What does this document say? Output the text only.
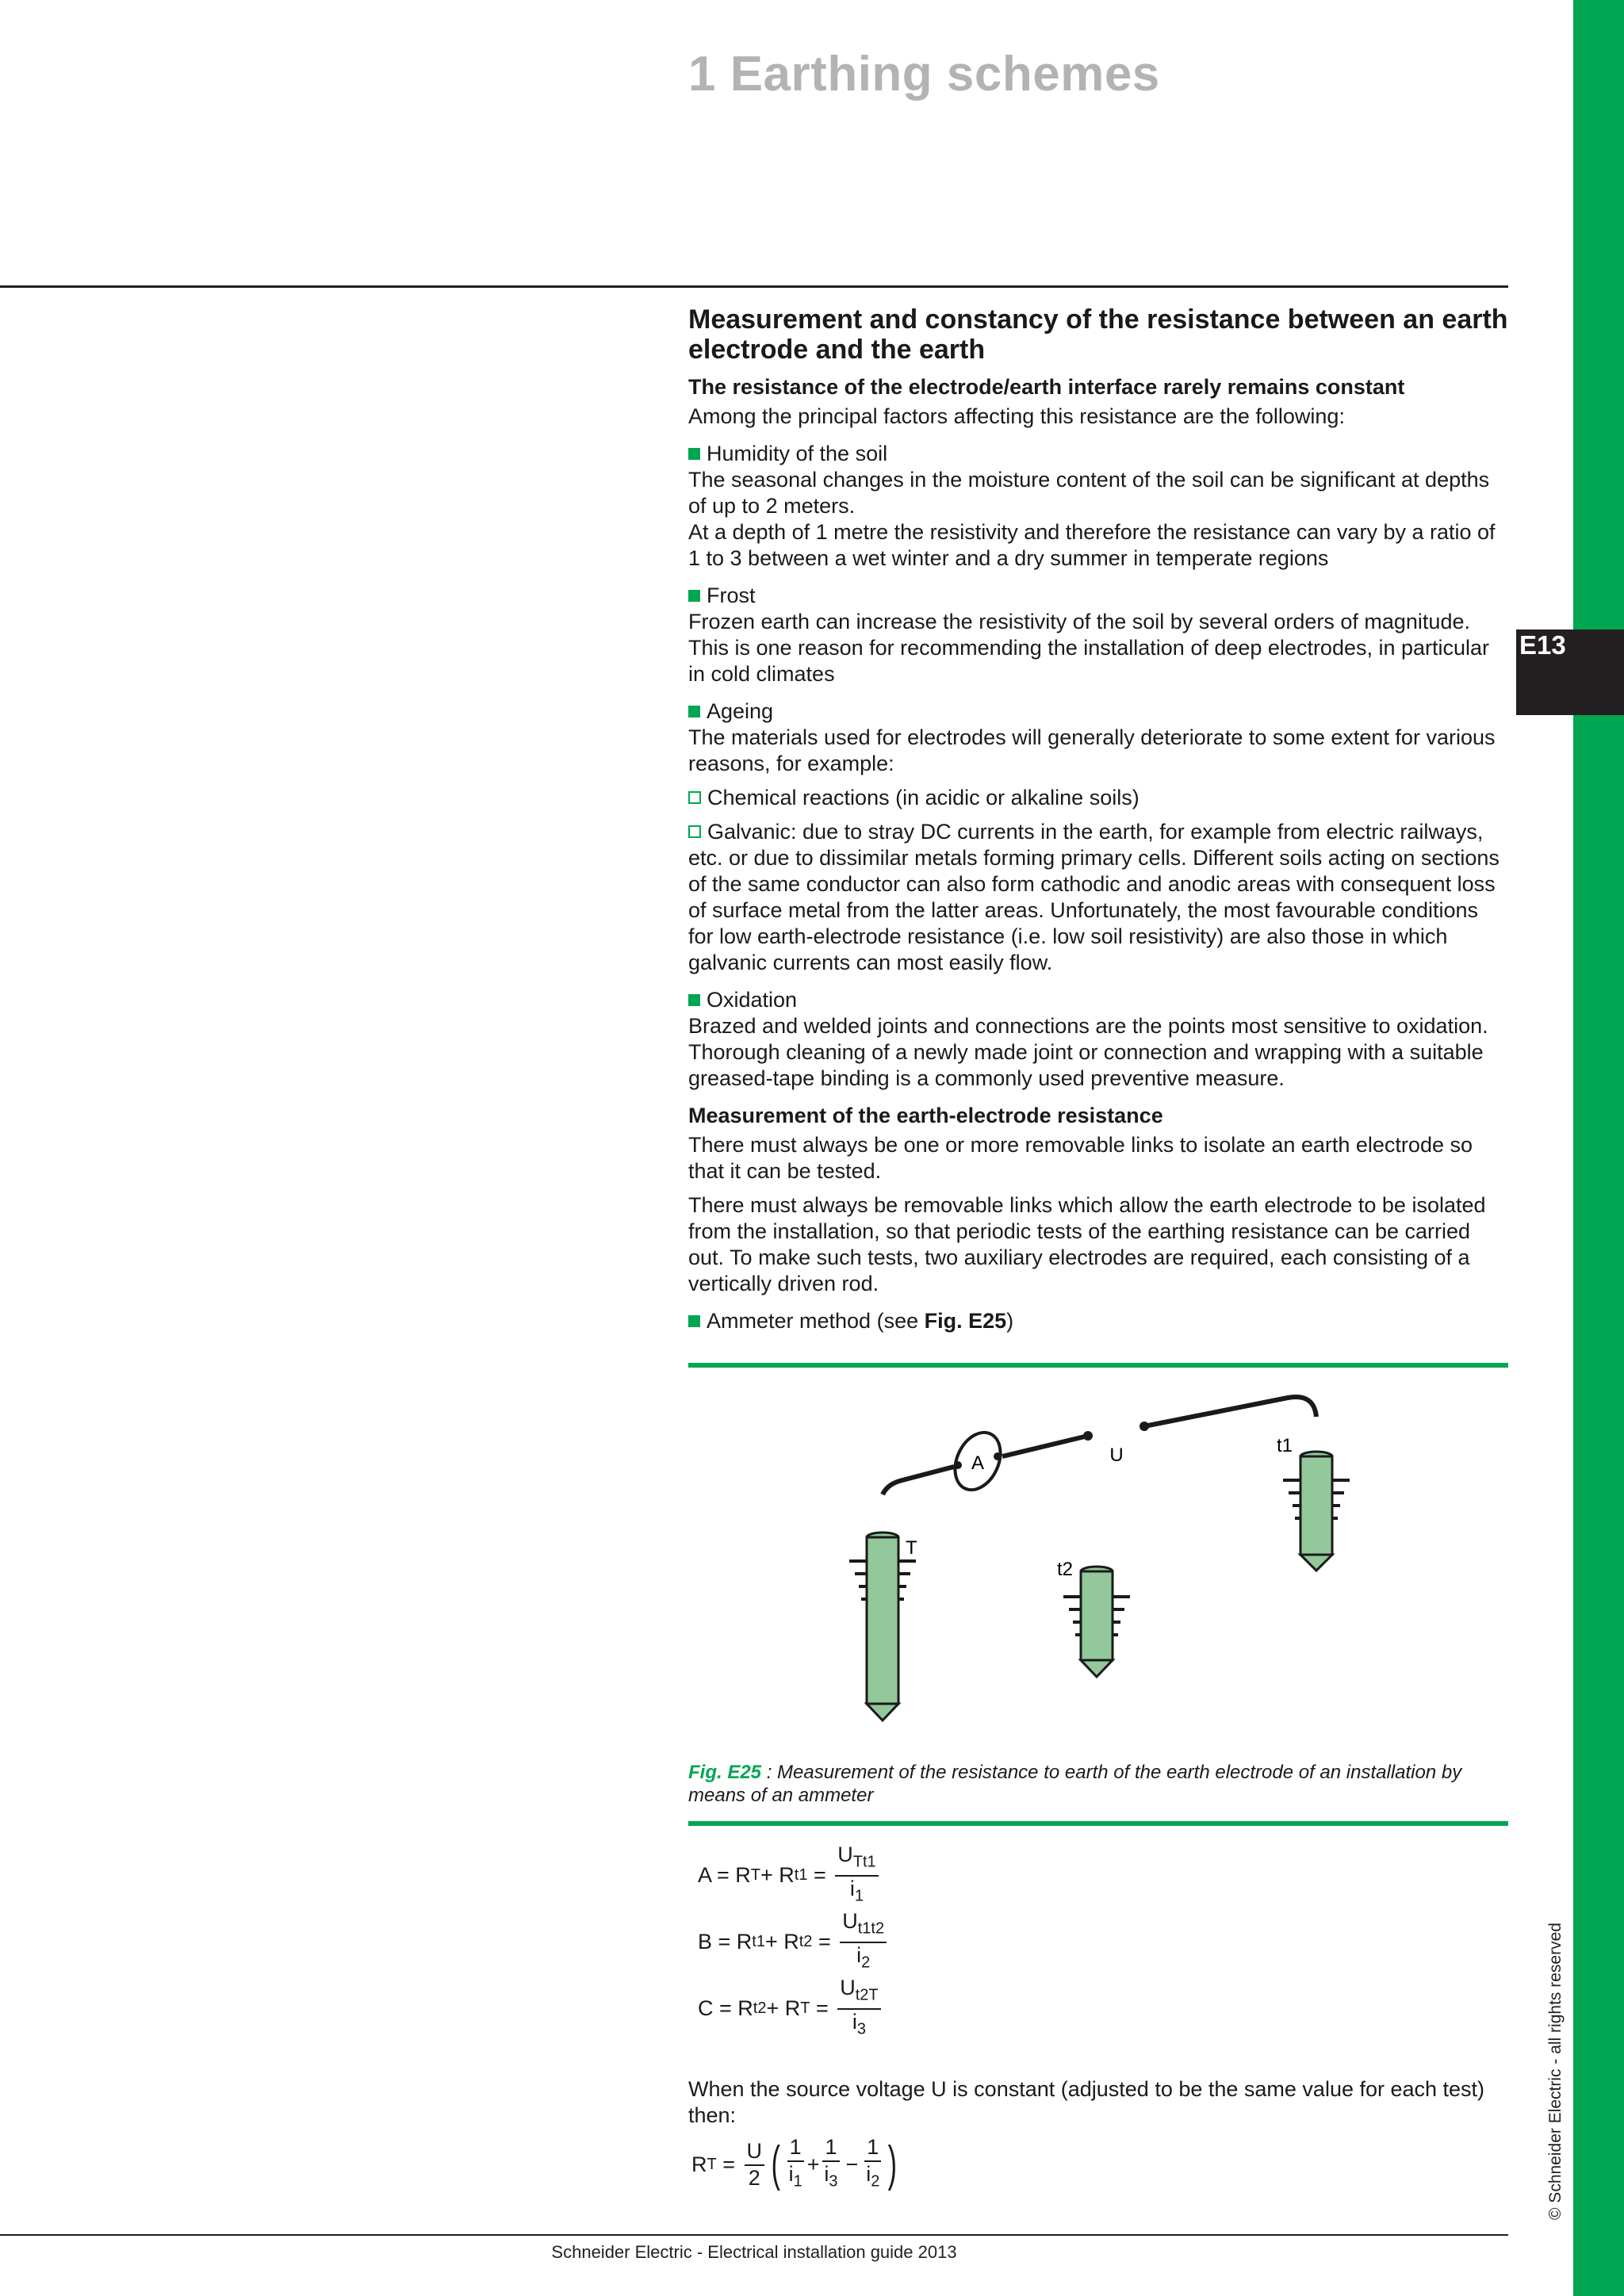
E13
1 Earthing schemes
Measurement and constancy of the resistance between an earth electrode and the earth
The resistance of the electrode/earth interface rarely remains constant

Among the principal factors affecting this resistance are the following:

Humidity of the soil

The seasonal changes in the moisture content of the soil can be significant at depths of up to 2 meters.

At a depth of 1 metre the resistivity and therefore the resistance can vary by a ratio of 1 to 3 between a wet winter and a dry summer in temperate regions

Frost

Frozen earth can increase the resistivity of the soil by several orders of magnitude. This is one reason for recommending the installation of deep electrodes, in particular in cold climates

Ageing

The materials used for electrodes will generally deteriorate to some extent for various reasons, for example:

Chemical reactions (in acidic or alkaline soils)

Galvanic: due to stray DC currents in the earth, for example from electric railways, etc. or due to dissimilar metals forming primary cells. Different soils acting on sections of the same conductor can also form cathodic and anodic areas with consequent loss of surface metal from the latter areas. Unfortunately, the most favourable conditions for low earth-electrode resistance (i.e. low soil resistivity) are also those in which galvanic currents can most easily flow.

Oxidation

Brazed and welded joints and connections are the points most sensitive to oxidation. Thorough cleaning of a newly made joint or connection and wrapping with a suitable greased-tape binding is a commonly used preventive measure.

Measurement of the earth-electrode resistance

There must always be one or more removable links to isolate an earth electrode so that it can be tested.

There must always be removable links which allow the earth electrode to be isolated from the installation, so that periodic tests of the earthing resistance can be carried out. To make such tests, two auxiliary electrodes are required, each consisting of a vertically driven rod.

Ammeter method (see Fig. E25)

A	U
T
t2
t1

Fig. E25 : Measurement of the resistance to earth of the earth electrode of an installation by means of an ammeter

A = R T + R $t1 = \frac{U_{Tt1}}{i_1}$
B = R t1 + R $t2 = \frac{U_{t1t2}}{i_2}$
C = R t2 + R $T = \frac{U_{t2T}}{i_3}$

When the source voltage U is constant (adjusted to be the same value for each test) then:

R $T = \frac{U}{2}$ ( $\frac{1}{i_1} + \frac{1}{i_3} - \frac{1}{i_2}$ )	© Schneider Electric - all rights reserved
Schneider Electric - Electrical installation guide 2013
